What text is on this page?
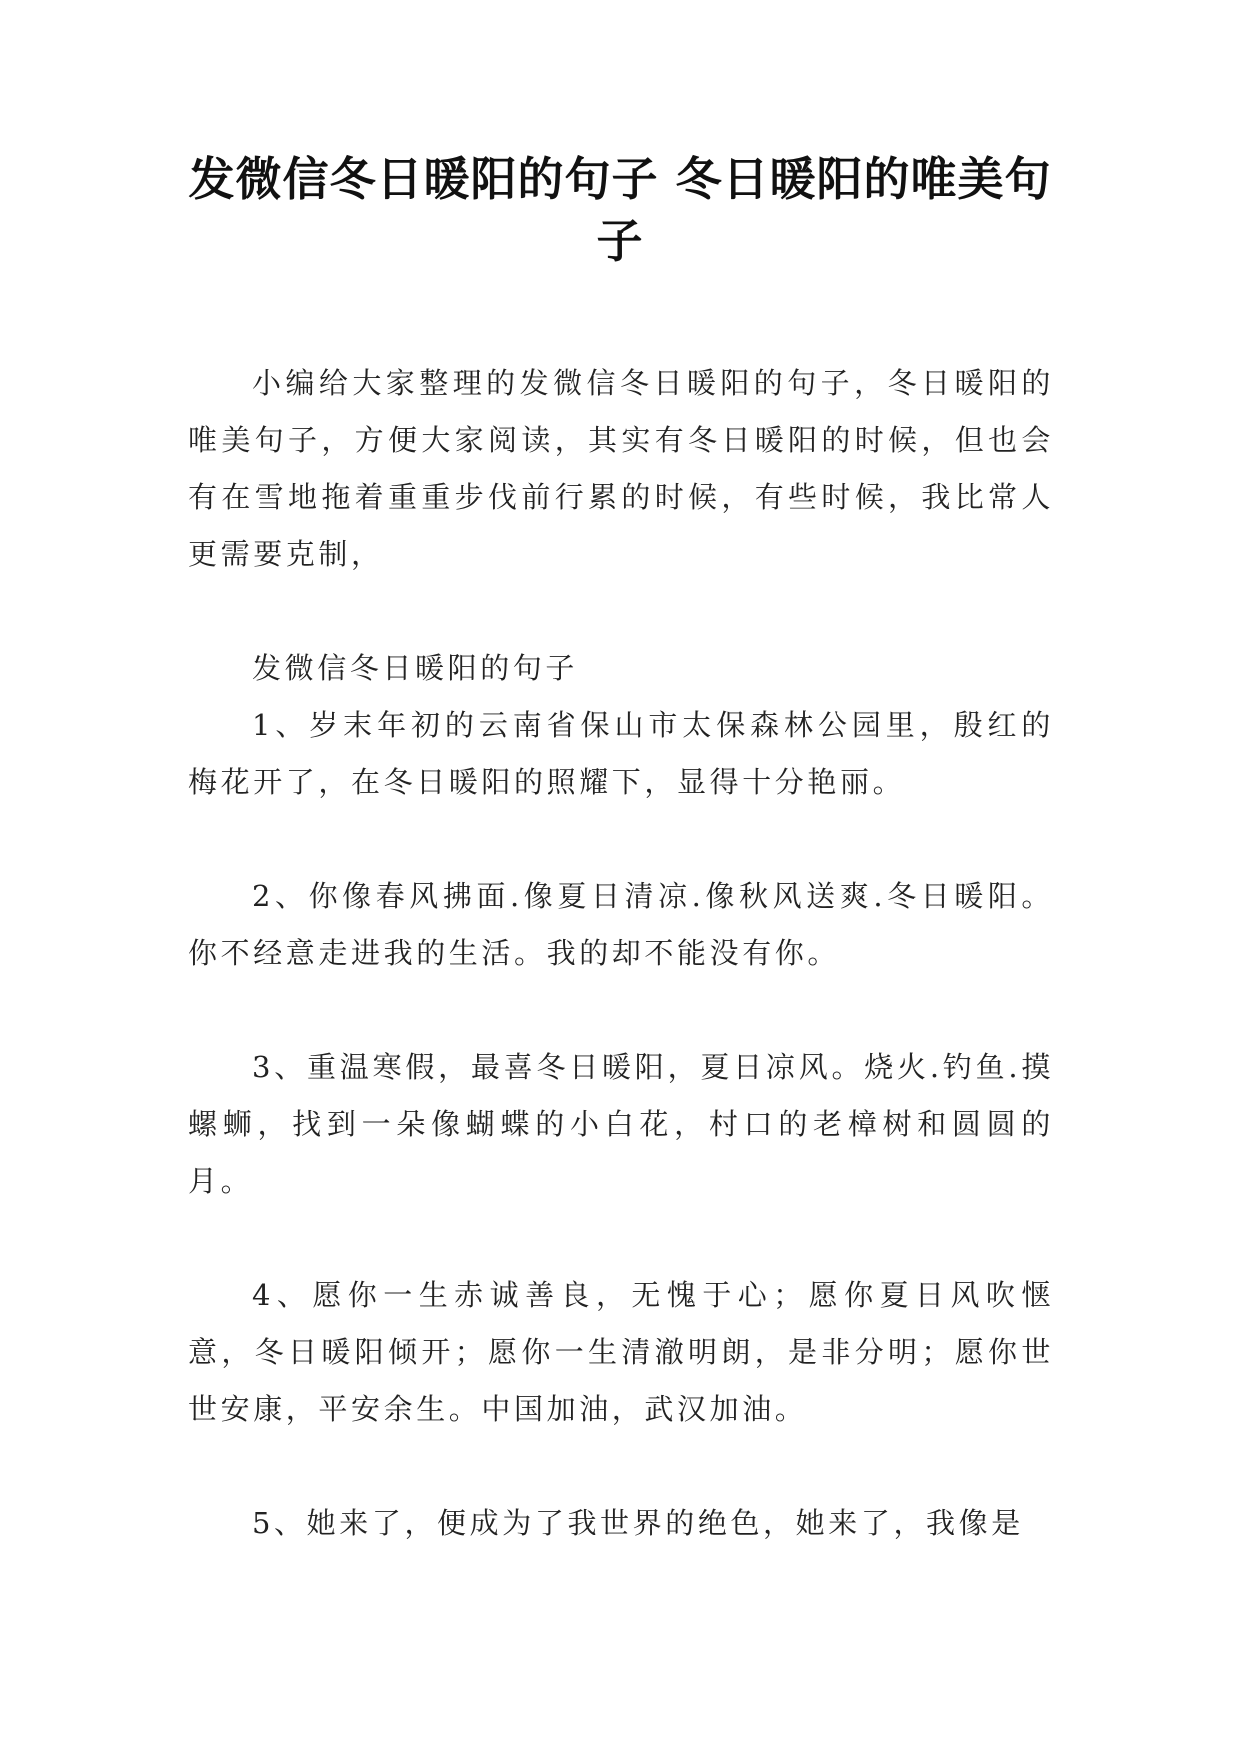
发微信冬日暖阳的句子 冬日暖阳的唯美句子

小编给大家整理的发微信冬日暖阳的句子，冬日暖阳的唯美句子，方便大家阅读，其实有冬日暖阳的时候，但也会有在雪地拖着重重步伐前行累的时候，有些时候，我比常人更需要克制，

发微信冬日暖阳的句子

1、岁末年初的云南省保山市太保森林公园里，殷红的梅花开了，在冬日暖阳的照耀下，显得十分艳丽。

2、你像春风拂面.像夏日清凉.像秋风送爽.冬日暖阳。你不经意走进我的生活。我的却不能没有你。

3、重温寒假，最喜冬日暖阳，夏日凉风。烧火.钓鱼.摸螺蛳，找到一朵像蝴蝶的小白花，村口的老樟树和圆圆的月。

4、愿你一生赤诚善良，无愧于心；愿你夏日风吹惬意，冬日暖阳倾开；愿你一生清澈明朗，是非分明；愿你世世安康，平安余生。中国加油，武汉加油。

5、她来了，便成为了我世界的绝色，她来了，我像是
